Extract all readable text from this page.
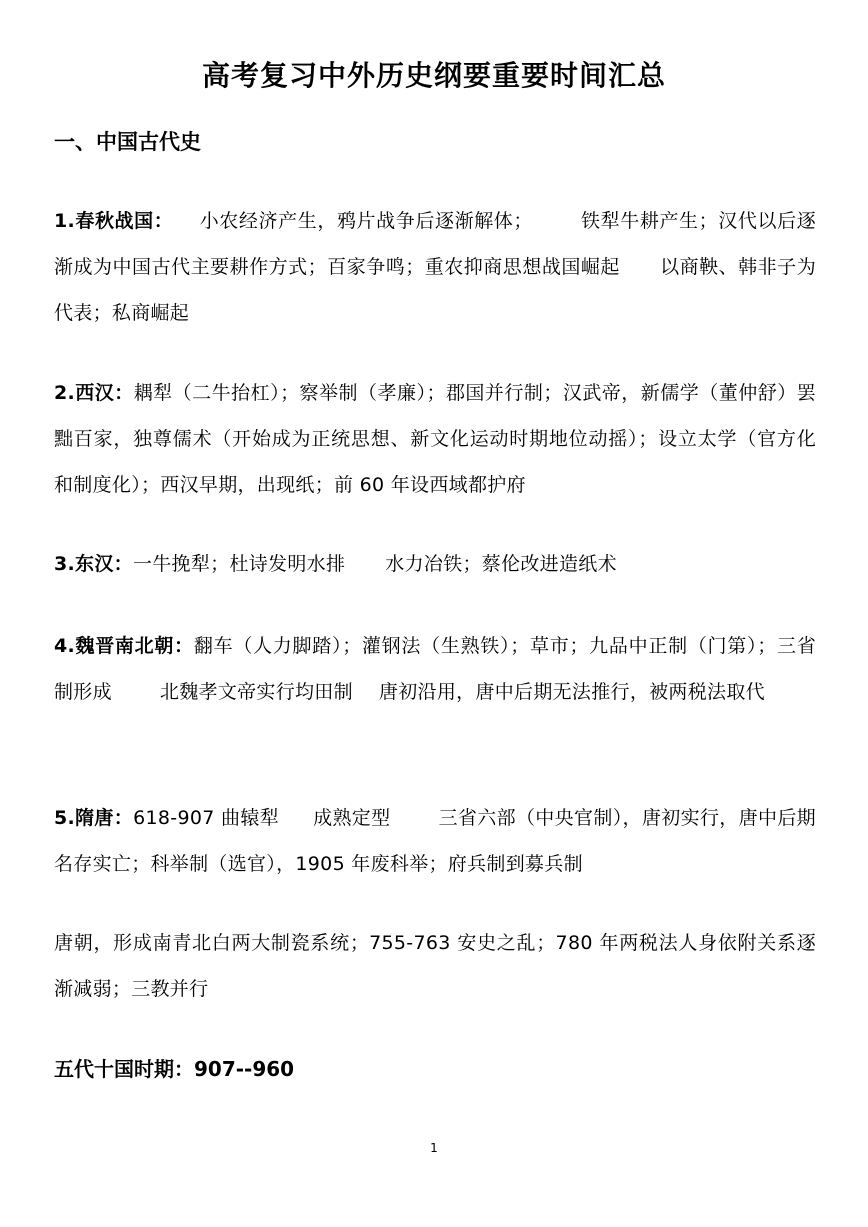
高考复习中外历史纲要重要时间汇总
一、中国古代史
1.春秋战国： 小农经济产生，鸦片战争后逐渐解体；	铁犁牛耕产生；汉代以后逐渐成为中国古代主要耕作方式；百家争鸣；重农抑商思想战国崛起 以商鞅、韩非子为代表；私商崛起
2.西汉：耦犁（二牛抬杠）；察举制（孝廉）；郡国并行制；汉武帝，新儒学（董仲舒）罢黜百家，独尊儒术（开始成为正统思想、新文化运动时期地位动摇）；设立太学（官方化和制度化）；西汉早期，出现纸；前 60 年设西域都护府
3.东汉：一牛挽犁；杜诗发明水排 水力冶铁；蔡伦改进造纸术
4.魏晋南北朝：翻车（人力脚踏）；灌钢法（生熟铁）；草市；九品中正制（门第）；三省制形成	北魏孝文帝实行均田制 唐初沿用，唐中后期无法推行，被两税法取代
5.隋唐：618-907 曲辕犁 成熟定型	三省六部（中央官制），唐初实行，唐中后期名存实亡；科举制（选官），1905 年废科举；府兵制到募兵制
唐朝，形成南青北白两大制瓷系统；755-763 安史之乱；780 年两税法人身依附关系逐渐减弱；三教并行
五代十国时期：907--960
1
